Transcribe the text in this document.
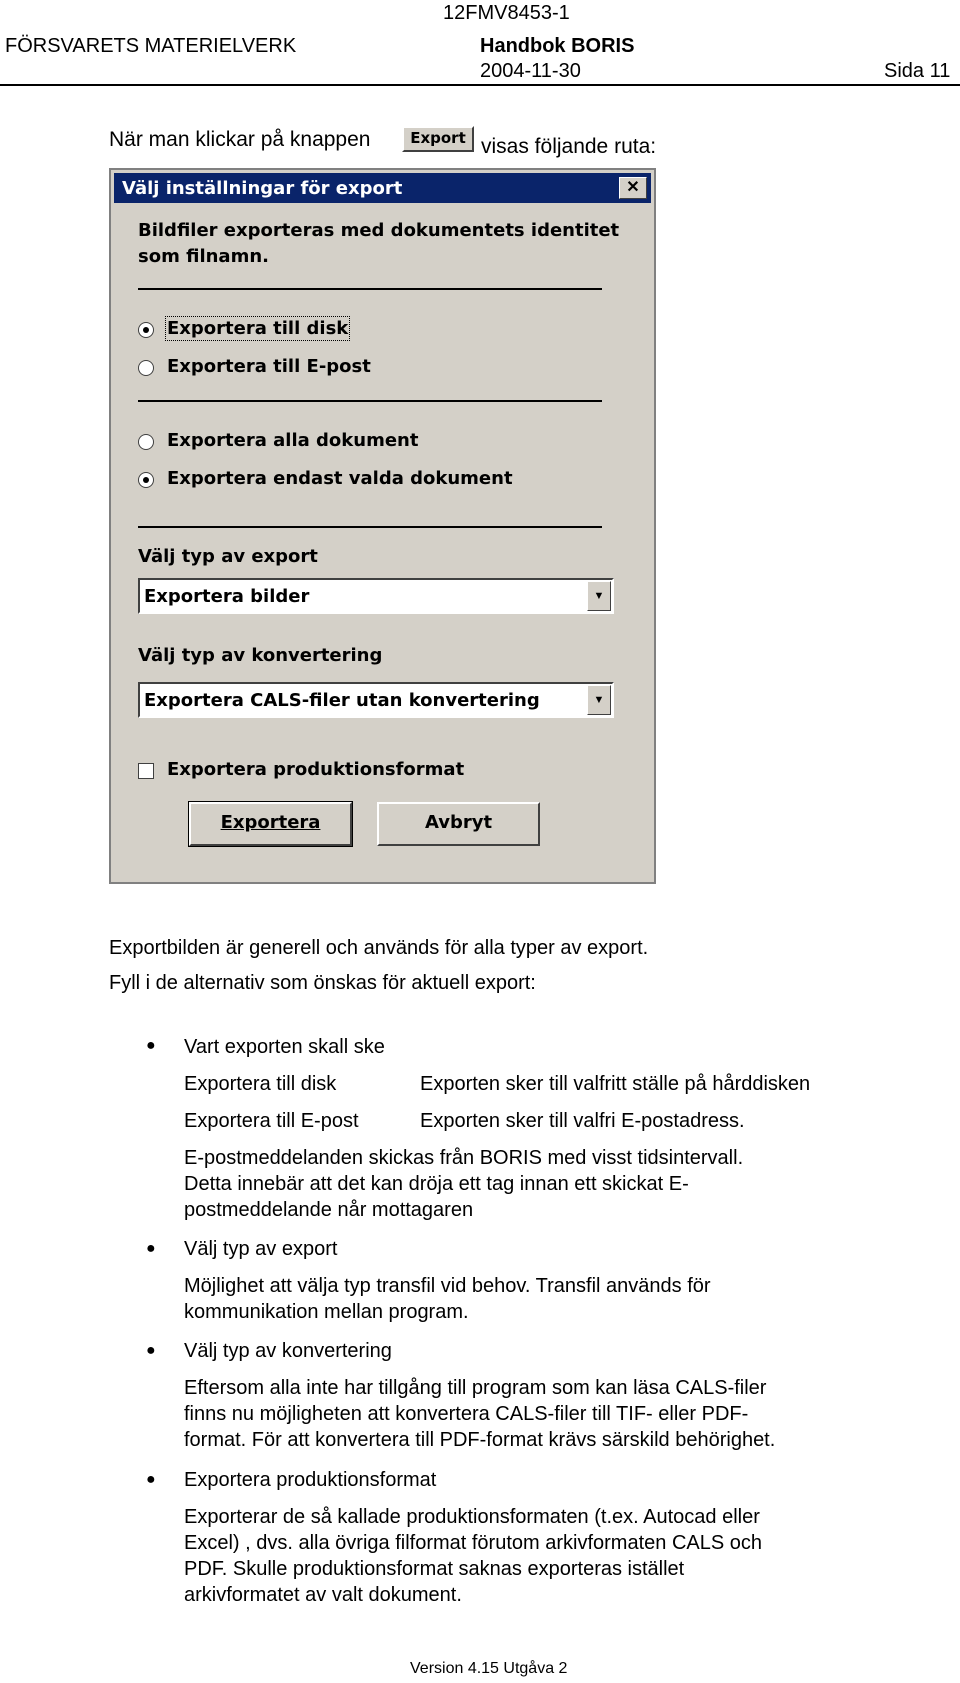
12FMV8453-1
FÖRSVARETS MATERIELVERK	Handbok BORIS
2004-11-30	Sida 11
När man klickar på knappen	Export visas följande ruta:
Välj inställningar för export	✕
Bildfiler exporteras med dokumentets identitet
som filnamn.
Exportera till disk
Exportera till E-post
Exportera alla dokument
Exportera endast valda dokument
Välj typ av export
Exportera bilder	▼
Välj typ av konvertering
Exportera CALS-filer utan konvertering	▼
Exportera produktionsformat
Exportera	Avbryt
Exportbilden är generell och används för alla typer av export.
Fyll i de alternativ som önskas för aktuell export:
● Vart exporten skall ske
Exportera till disk	Exporten sker till valfritt ställe på hårddisken
Exportera till E-post	Exporten sker till valfri E-postadress.
E-postmeddelanden skickas från BORIS med visst tidsintervall.
Detta innebär att det kan dröja ett tag innan ett skickat E-
postmeddelande når mottagaren
● Välj typ av export
Möjlighet att välja typ transfil vid behov. Transfil används för
kommunikation mellan program.
● Välj typ av konvertering
Eftersom alla inte har tillgång till program som kan läsa CALS-filer
finns nu möjligheten att konvertera CALS-filer till TIF- eller PDF-
format. För att konvertera till PDF-format krävs särskild behörighet.
● Exportera produktionsformat
Exporterar de så kallade produktionsformaten (t.ex. Autocad eller
Excel) , dvs. alla övriga filformat förutom arkivformaten CALS och
PDF. Skulle produktionsformat saknas exporteras istället
arkivformatet av valt dokument.
Version 4.15 Utgåva 2
